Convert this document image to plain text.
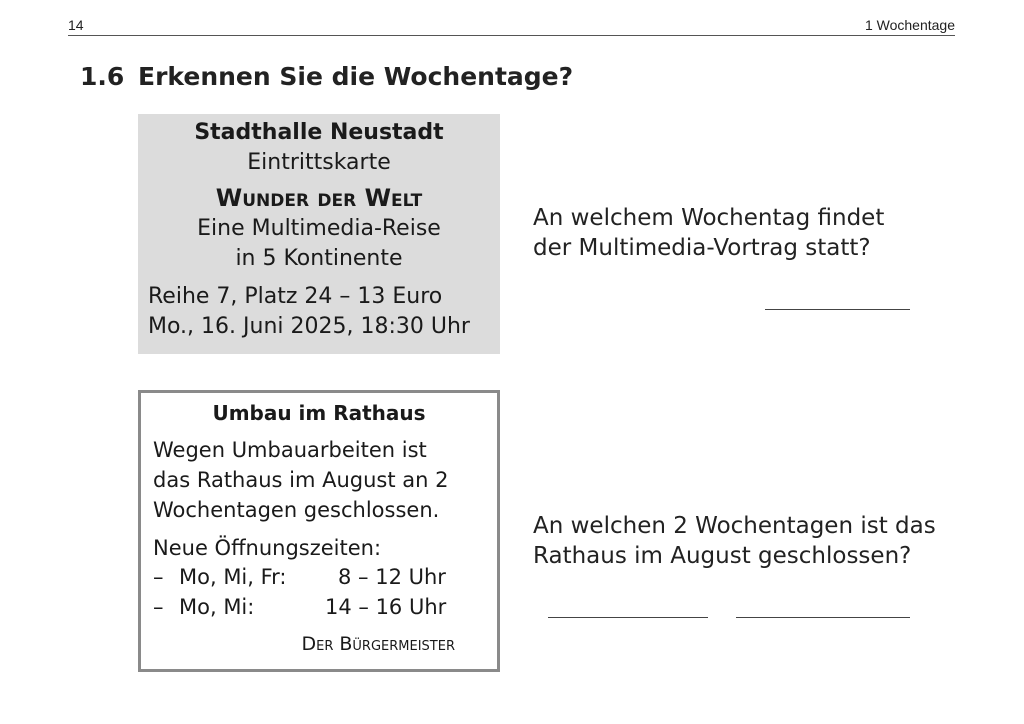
14	1 Wochentage
1.6 Erkennen Sie die Wochentage?
Stadthalle Neustadt
Eintrittskarte
Wunder der Welt
Eine Multimedia-Reise
in 5 Kontinente
Reihe 7, Platz 24 – 13 Euro
Mo., 16. Juni 2025, 18:30 Uhr
Umbau im Rathaus
Wegen Umbauarbeiten ist
das Rathaus im August an 2
Wochentagen geschlossen.
Neue Öffnungszeiten:
– Mo, Mi, Fr: 8 – 12 Uhr
– Mo, Mi:	14 – 16 Uhr
Der Bürgermeister
An welchem Wochentag findet
der Multimedia-Vortrag statt?
An welchen 2 Wochentagen ist das
Rathaus im August geschlossen?
